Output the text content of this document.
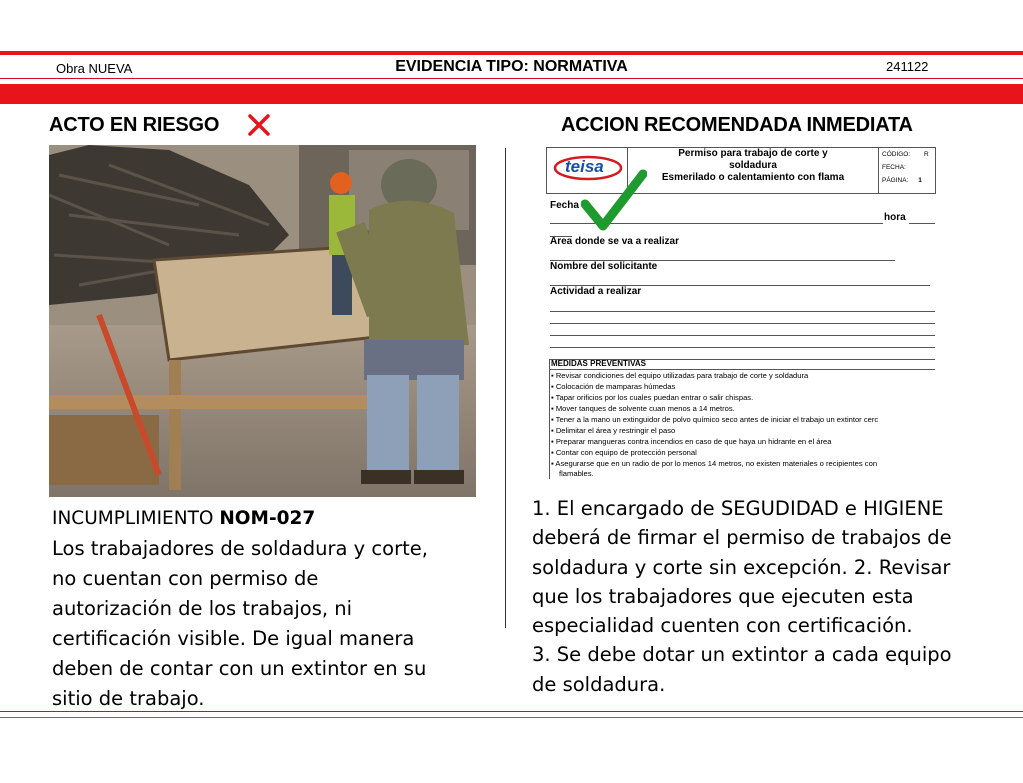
Obra NUEVA	EVIDENCIA TIPO: NORMATIVA	241122
ACTO EN RIESGO	ACCION RECOMENDADA INMEDIATA
INCUMPLIMIENTO NOM-027
Los trabajadores de soldadura y corte,
no cuentan con permiso de
autorización de los trabajos, ni
certificación visible. De igual manera
deben de contar con un extintor en su
sitio de trabajo.
teisa
Permiso para trabajo de corte y
soldadura
Esmerilado o calentamiento con flama
CÓDIGO: R
FECHA:
PÁGINA: 1
Fecha
hora
Area donde se va a realizar
Nombre del solicitante
Actividad a realizar
MEDIDAS PREVENTIVAS
▪ Revisar condiciones del equipo utilizadas para trabajo de corte y soldadura
▪ Colocación de mamparas húmedas
▪ Tapar orificios por los cuales puedan entrar o salir chispas.
▪ Mover tanques de solvente cuan menos a 14 metros.
▪ Tener a la mano un extinguidor de polvo químico seco antes de iniciar el trabajo un extintor cerc
▪ Delimitar el área y restringir el paso
▪ Preparar mangueras contra incendios en caso de que haya un hidrante en el área
▪ Contar con equipo de protección personal
▪ Asegurarse que en un radio de por lo menos 14 metros, no existen materiales o recipientes con
flamables.
1. El encargado de SEGUDIDAD e HIGIENE
deberá de firmar el permiso de trabajos de
soldadura y corte sin excepción. 2. Revisar
que los trabajadores que ejecuten esta
especialidad cuenten con certificación.
3. Se debe dotar un extintor a cada equipo
de soldadura.
